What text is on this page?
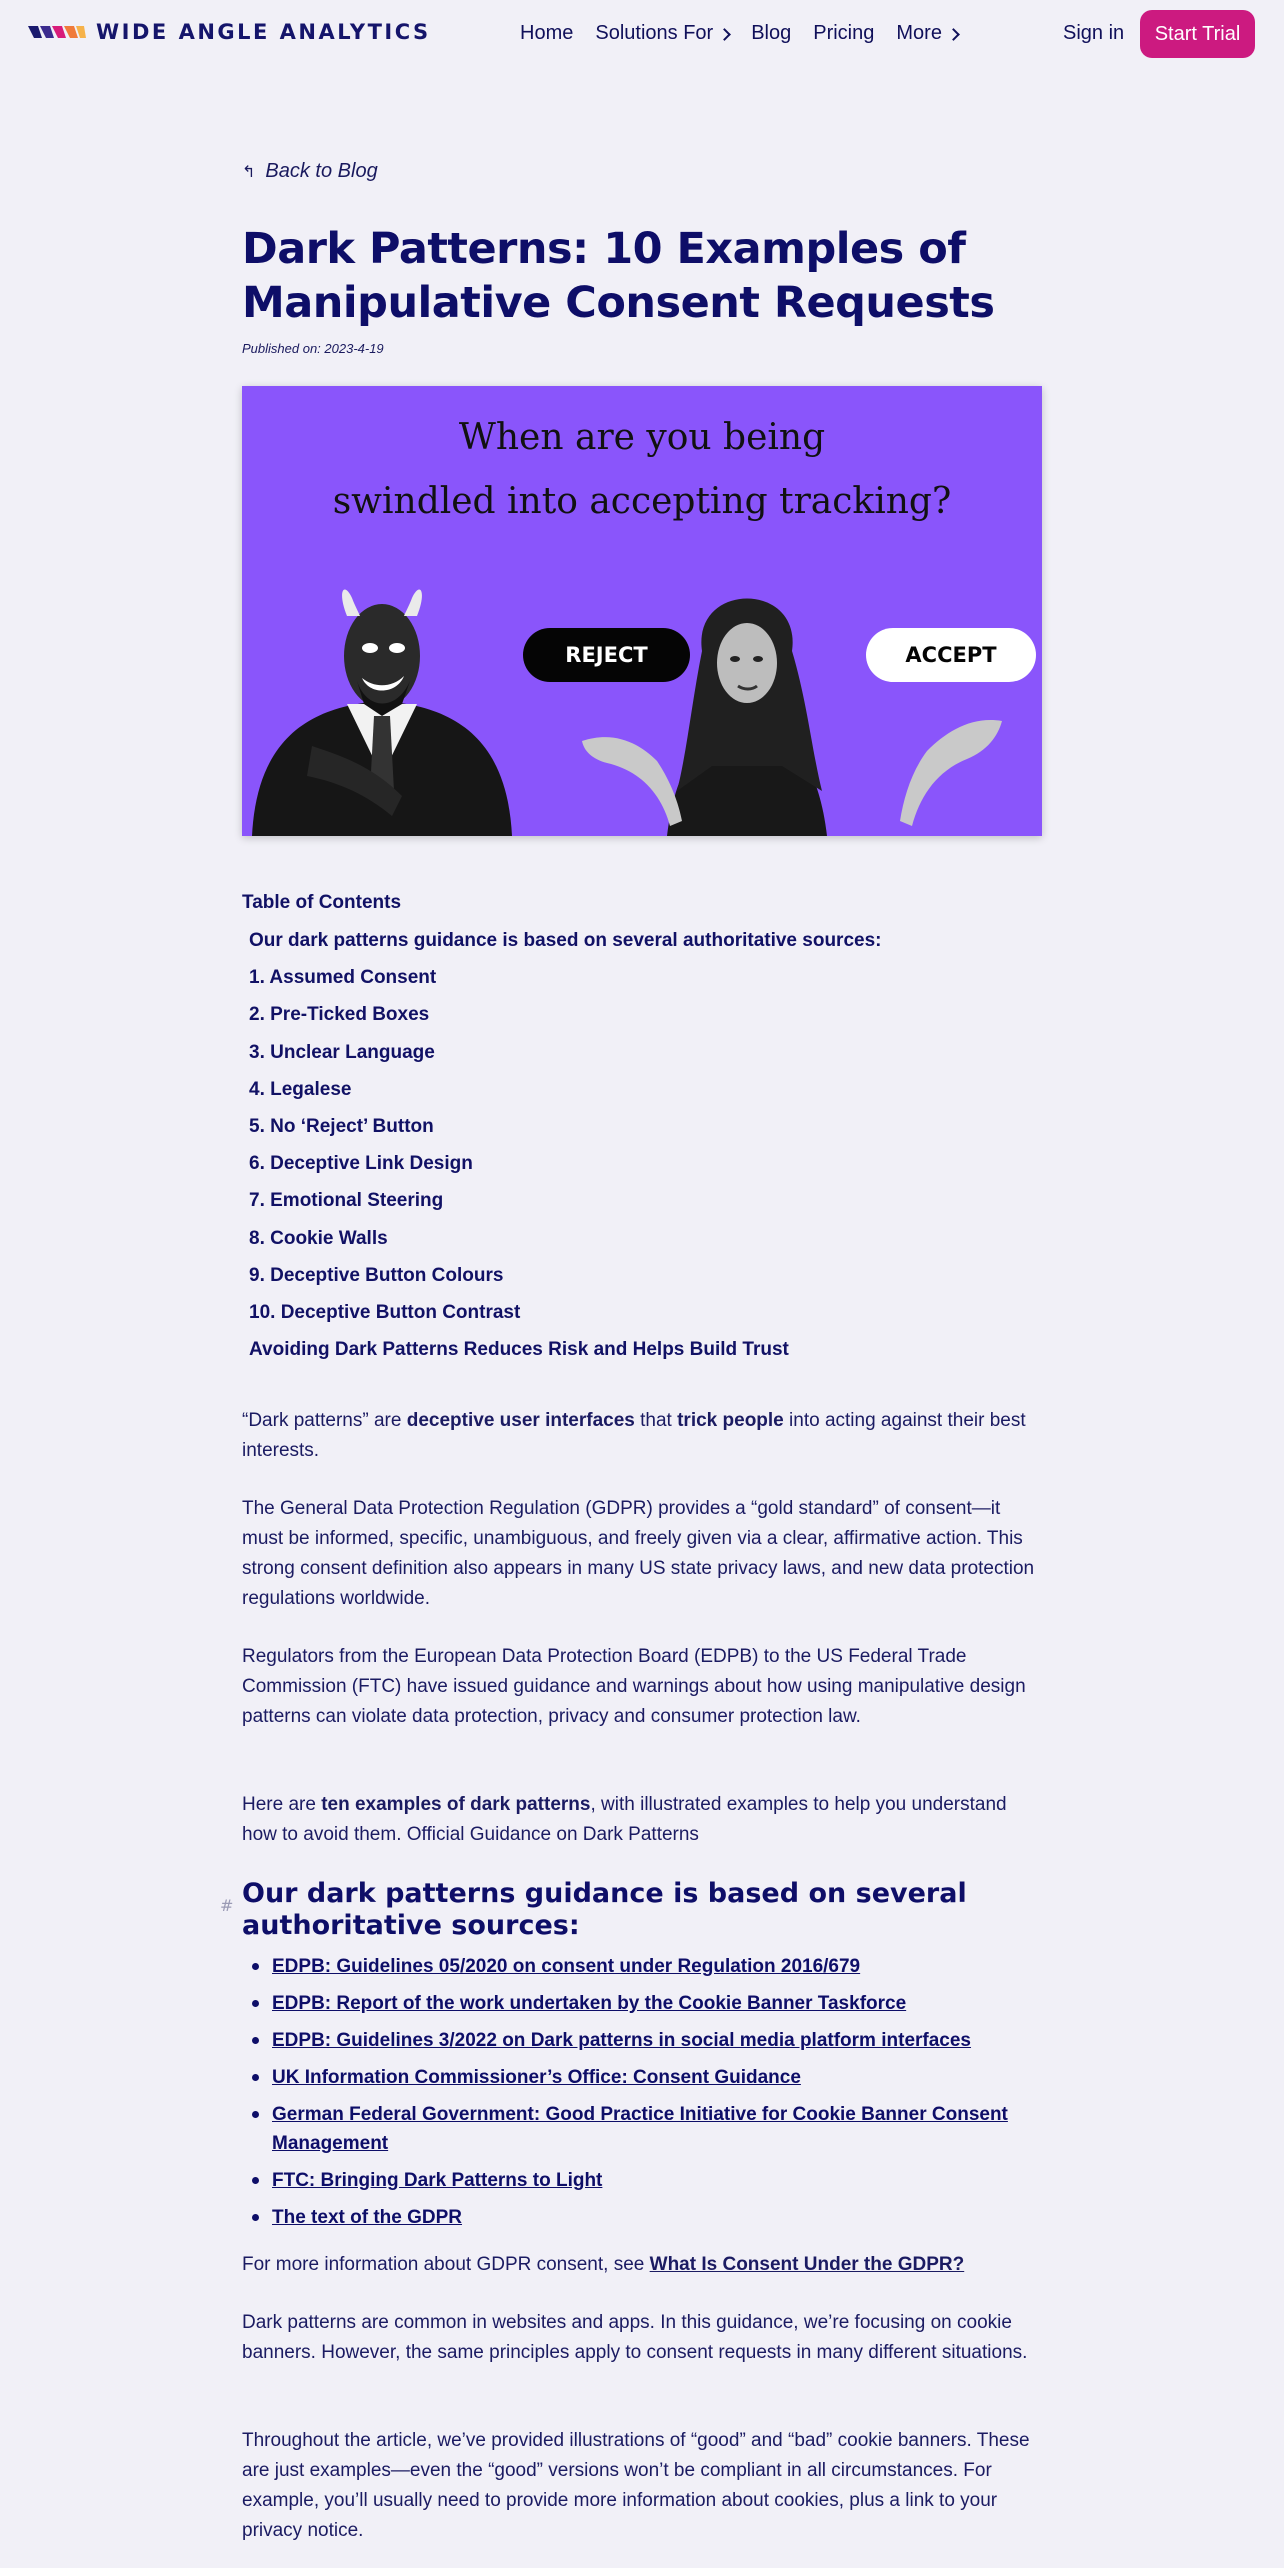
WIDE ANGLE ANALYTICS	Home Solutions For Blog Pricing More	Sign in	Start Trial
↰ Back to Blog
Dark Patterns: 10 Examples of Manipulative Consent Requests
Published on: 2023-4-19
When are you being
swindled into accepting tracking?
REJECT	ACCEPT
Table of Contents
Our dark patterns guidance is based on several authoritative sources:
1. Assumed Consent
2. Pre-Ticked Boxes
3. Unclear Language
4. Legalese
5. No ‘Reject’ Button
6. Deceptive Link Design
7. Emotional Steering
8. Cookie Walls
9. Deceptive Button Colours
10. Deceptive Button Contrast
Avoiding Dark Patterns Reduces Risk and Helps Build Trust

“Dark patterns” are deceptive user interfaces that trick people into acting against their best interests.

The General Data Protection Regulation (GDPR) provides a “gold standard” of consent—it must be informed, specific, unambiguous, and freely given via a clear, affirmative action. This strong consent definition also appears in many US state privacy laws, and new data protection regulations worldwide.

Regulators from the European Data Protection Board (EDPB) to the US Federal Trade Commission (FTC) have issued guidance and warnings about how using manipulative design patterns can violate data protection, privacy and consumer protection law.

Here are ten examples of dark patterns, with illustrated examples to help you understand how to avoid them. Official Guidance on Dark Patterns

# Our dark patterns guidance is based on several authoritative sources:
EDPB: Guidelines 05/2020 on consent under Regulation 2016/679
EDPB: Report of the work undertaken by the Cookie Banner Taskforce
EDPB: Guidelines 3/2022 on Dark patterns in social media platform interfaces
UK Information Commissioner’s Office: Consent Guidance
German Federal Government: Good Practice Initiative for Cookie Banner Consent Management
FTC: Bringing Dark Patterns to Light
The text of the GDPR

For more information about GDPR consent, see What Is Consent Under the GDPR?

Dark patterns are common in websites and apps. In this guidance, we’re focusing on cookie banners. However, the same principles apply to consent requests in many different situations.

Throughout the article, we’ve provided illustrations of “good” and “bad” cookie banners. These are just examples—even the “good” versions won’t be compliant in all circumstances. For example, you’ll usually need to provide more information about cookies, plus a link to your privacy notice.
